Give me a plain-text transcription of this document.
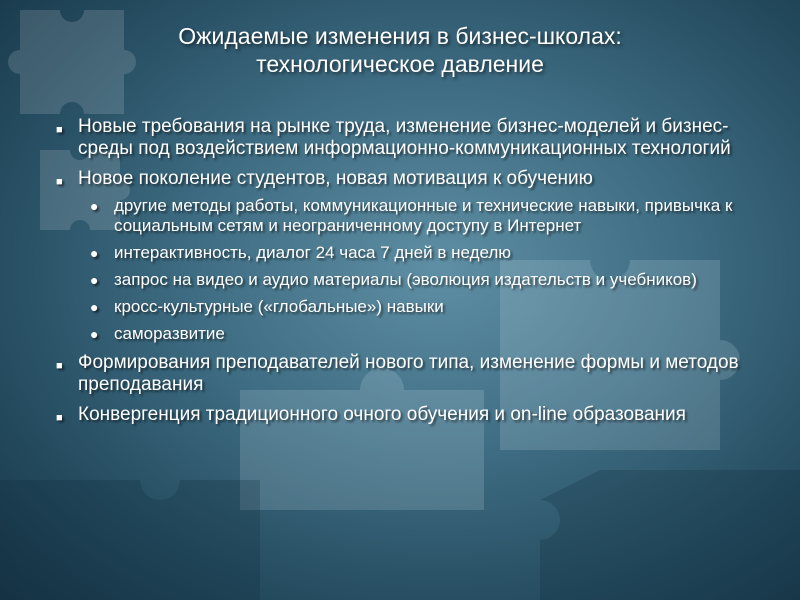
Ожидаемые изменения в бизнес-школах:
технологическое давление
■ Новые требования на рынке труда, изменение бизнес-моделей и бизнес-среды под воздействием информационно-коммуникационных технологий
■ Новое поколение студентов, новая мотивация к обучению
● другие методы работы, коммуникационные и технические навыки, привычка к социальным сетям и неограниченному доступу в Интернет
● интерактивность, диалог 24 часа 7 дней в неделю
● запрос на видео и аудио материалы (эволюция издательств и учебников)
● кросс-культурные («глобальные») навыки
● саморазвитие
■ Формирования преподавателей нового типа, изменение формы и методов преподавания
■ Конвергенция традиционного очного обучения и on-line образования
